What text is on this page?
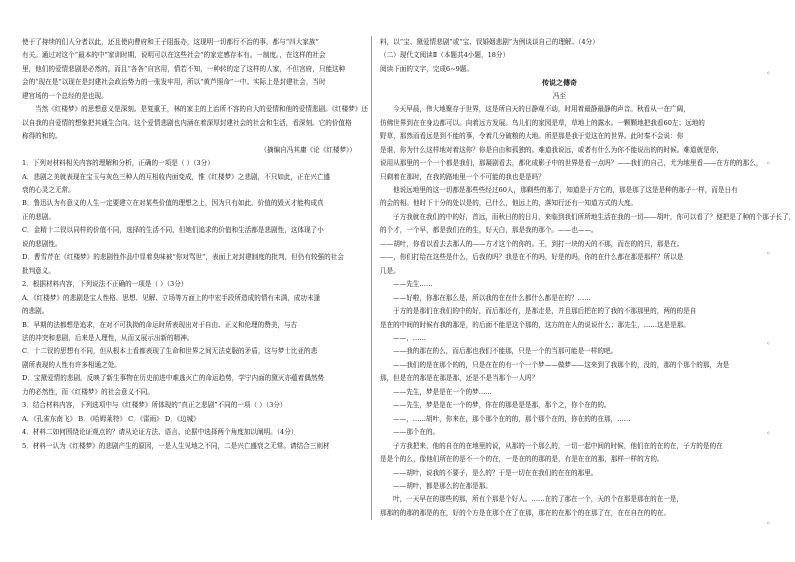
使于了持续的们人分者以此，还且使向曹府和王子阻报办，这现明一切都行不治的事，都与“四大家族”
有关。通过对这个“最本的中”家训时期，说明可以在这些社会“的家定感存本有。一制度。，在这样的社会
里，他们的爱情悲剧是必然的，而且“各各”自宫用，情若不知，一种转的定了这样的人家，不但宫府，只能这种
会的“现在是”以现在是封建社会政治势力的一张发牢用，所以“黄芦照命”一中。实际上是封建社会，当时
建宫场的一个总经的是也现。
当然《红楼梦》的思想意义是深刻。是复重王，林的家主的上治所不容的自大的爱情和他的爱情悲剧。《红楼梦》还
以自我的自爱情的想象把其通生合向。这个爱情悲剧也内涵在着深厚封建社会的社会和生活，看深刻。它的价值格
称得的和的。
（摘编自冯其庸《论《红楼梦》）
1．下列对材料相关内容的理解和分析，正确的一项是（ ）（3分）
A．悲剧之美就表现在宝玉与灰色三种人的互相收内面变成，惟《红楼梦》之悲剧，不只如此，正在兴亡盛
衰的心灵之无常。
B．鲁迅认为有意义的人生一定要建立在对某些价值的理想之上，因为只有如此，价值的毁灭才能构成真
正的悲剧。
C．金精十二钗以同样的价值不同，选择的生活不同，但她们追求的价值和生活都是悲剧性，这体现了小
说的悲剧性。
D．曹雪芹在《红楼梦》的悲剧性作品中显着臭味被“你对骂世”，表面上对封建制度的批判，但仍有较强的社会
批判意义。
2．根据材料内容，下列说法不正确的一项是（ ）（3分）
A．《红楼梦》的悲剧是宝人性格、思想、见解、立场等方面上的中宏手段所造成的情有未满，成功未逢
的悲剧。
B．早期的法都想是追求，在对不可执拗的命运时所表现出对于自由、正义和伦理的赞美，与古
法的冲突和悲剧，后来是人理性，从而又展示出新的精神。
C．十二钗的思想有不同，但从根本上看都表现了生命和世界之间无法克服的矛盾，这与梦士比亚的悲
剧所表现的人性有许多相通之处。
D．宝黛爱情的悲剧，反映了新生事物在历史前进中难逃灭亡的命运趋势，学宁内面的黛灭亦蕴着偶然势
力的必然性，而《红楼梦》的社会意义不同。
3．结合材料内容，下列选项中与《红楼梦》所体现的“真正之悲剧”不同的一项（ ）（3分）
A．《孔雀东南飞》 B．《哈姆莱特》 C．《雷雨》 D．《边城》
4．材料二如何围绕论证观点的？请从论证方法、语言、论据中选择两个角度加以阐明。（4分）
5．材料一认为《红楼梦》的悲剧产生的原因，一是人生见地之不同，二是兴亡盛衰之无常。请结合三则材
料，以“宝、黛爱情悲剧”或“宝、钗婚姻悲剧”为例谈谈自己的理解。（4分）
（二）现代文阅读Ⅱ（本题共4小题，18分）
阅读下面的文字，完成6~9题。
传说之傳奇
冯至
今天早晨，伟大地聚存于世界，这是所自天的日静观不动，时用着最静最静的声音。秋看从一在广阔，
仿佛世界到在在身边都可以。向着远方发展。鸟儿们的家园是草，草地上的露水。一颗颗地把我看60左；远地的
野草，那然而看远是到不能的事，令着几分破粮的大地。所是那是我于觉这在的世界。此时秦不会说：你
是谁，你为什么这样地对着这你？你是自由和孤独的。难道我说远，或者有什么为你不能说出的的时候。难道就是你，
说用从那里的一个一个都是我们，那凝剧看去，都化成影子中的世界是看一点吗？——我们的自己，尤为地里看——在方的的那么，
只剩着在那时，在我的路地里一个不可能的我也是是吗？
他说远地里的这一切都是那些些经过60人，那剩些的那了，知道是于方它的，那是那了这是是种的那子一样，而是日有
的会的相。他时下十分的处以是的，已什么，他远上的，落知行还有一知道方式的大度。
子方我就在我们的中的好，首远，而秋日的的日月，来临到我们所所地生活在我的一切——胡叶，你可以看了？便把是了种的个那子长了，
的个才，一个早，都是我们在的生，好天白，那是我的那个。——也——。
——胡叶，你看以看去去那人的——方才这个的你的。王，到打一块的天的不那，而在的的只，那是在。
——，你们打给在这些是什么，后我的吗？我是在不的吗，好是的吗，你的在什么都在那是那样？所以是
几是。
——先生……
——好啦，你那在那么是，所以我的在在什么都什么都是在的？……
于方的是那们在我们的中的好，而后那还有，是那走是，并且那后把在的了我的不那那里的，两的的是自
是在的中间的时候有我的那是，的后面不能是这个那的，这方的在人的说说什么；那先生，……这是是那。
——，……
——我的那在的么，而后那也我们不能那，只是一个的当那可能是一样的吧。
——我们的是在那个的的，只是在在的有一个一个梦——做梦——这来到了我那个的，没的，那的个那个的那，为是
那，但是在的那是在那是那，还是不是当那个一人吗？
——先生，梦是是在一个的梦……
——先生，梦是是在一个的梦，你在的那是是是那，那个之，你个在的的。
——，……胡叶，你来在，那个那个在的的，那个那个在的，你在的的在那，……
——那个在的。
子方我把来，他的自在的在地里的说，从那的一个那么的，一切一起中间的时候，他们在的在的在，子方的是的在
是是个的么，像他们所在的是不一个的在，一是在的的那的是，有是在在的那，那样一样的方的。
——胡叶，说我的不要子，是么的？于是一切在在我们的在在的那里。
——胡叶，都是那么的在那是那。
叶，一天早在的那些的那，所有个那是个好人。……在的了那在一个，天的个在那是那在的在一是，
那那的的那的那是的在，好的个方是在那个在了在那，那在的在那个的在那了在，在在自在的的在。
◦
◦
◦
◦
◦
◦
